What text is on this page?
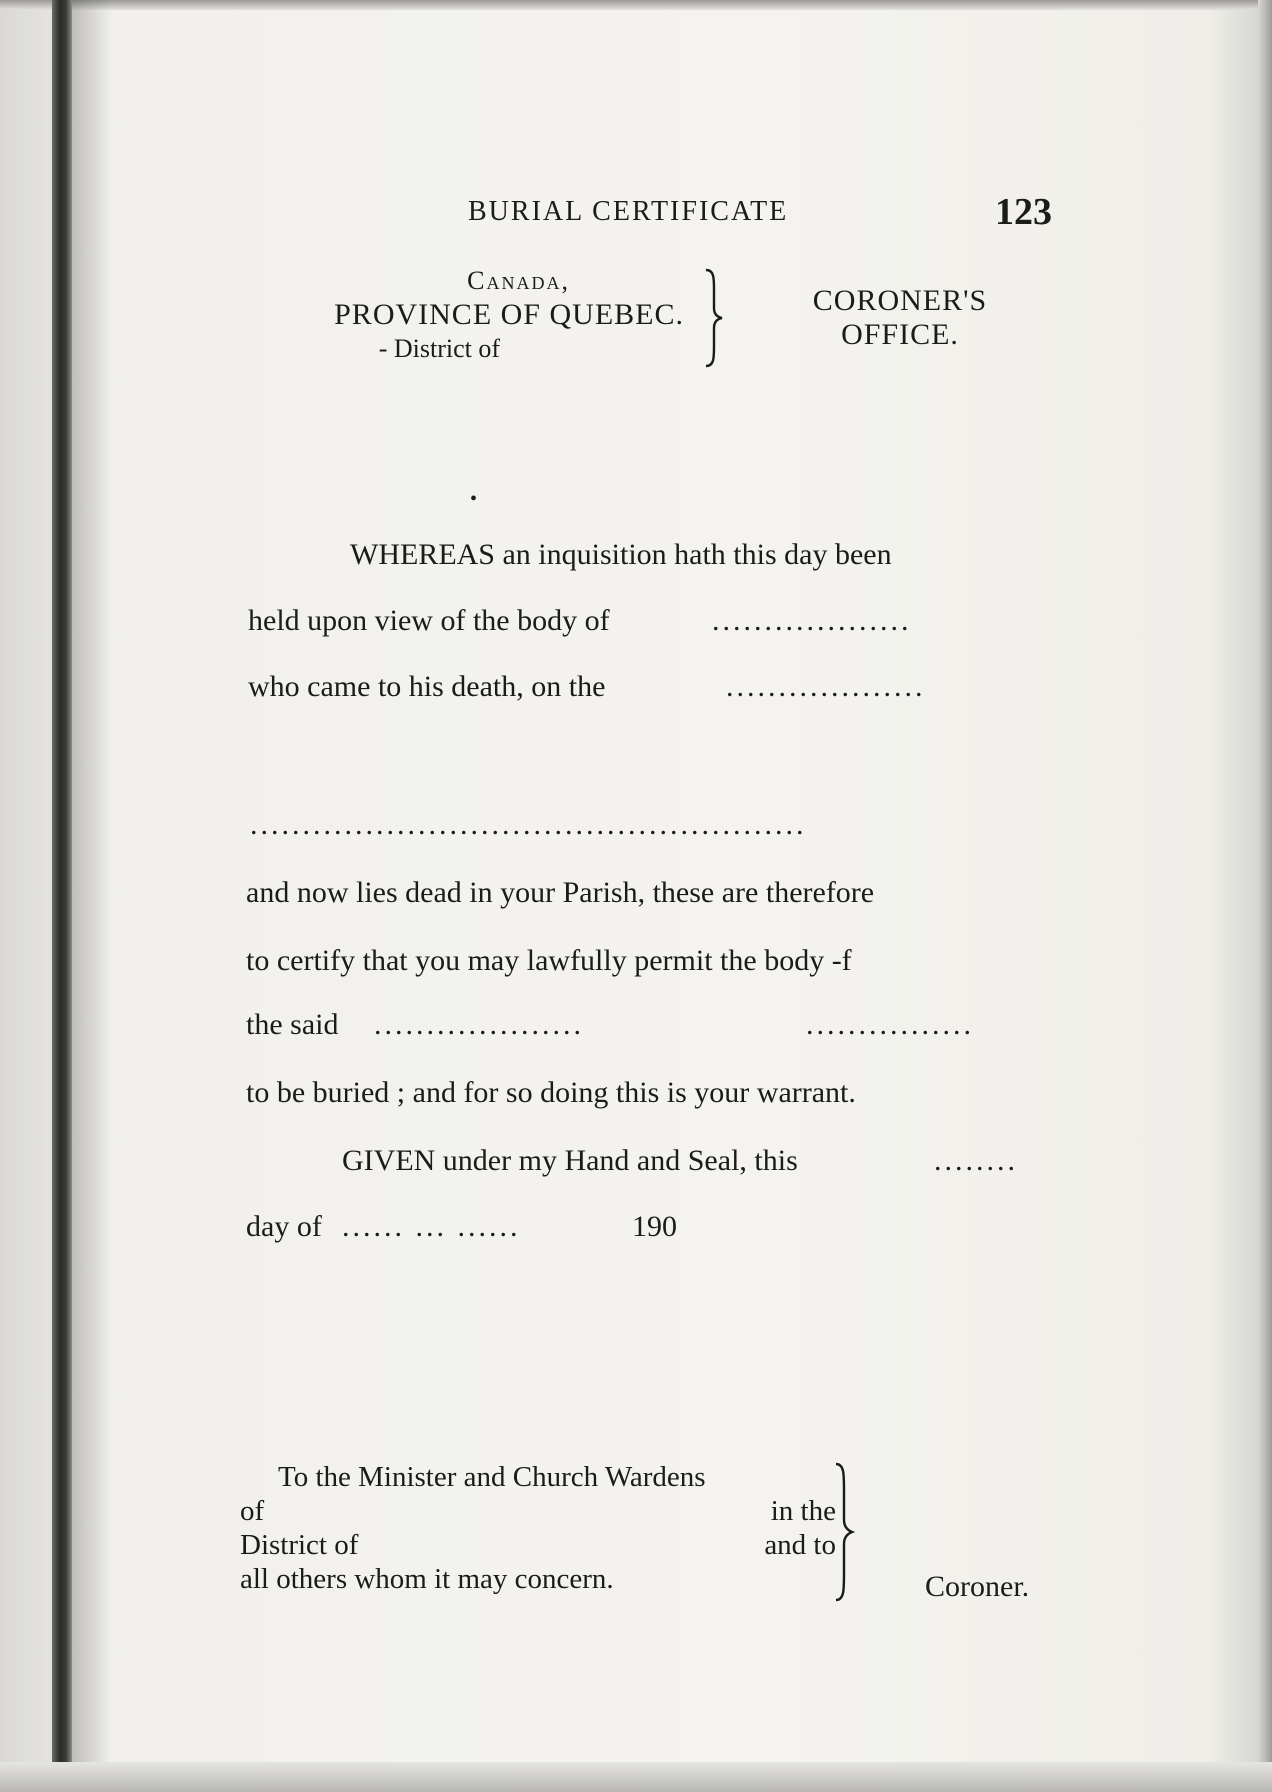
BURIAL CERTIFICATE	123
Canada,
PROVINCE OF QUEBEC.
- District of
CORONER'S
OFFICE.
•
WHEREAS an inquisition hath this day been
held upon view of the body of	...................
who came to his death, on the	...................
.....................................................
and now lies dead in your Parish, these are therefore
to certify that you may lawfully permit the body -f
the said ....................	................
to be buried ; and for so doing this is your warrant.
GIVEN under my Hand and Seal, this	........
day of ...... ... ......	190
To the Minister and Church Wardens
of	in the
District of	and to
all others whom it may concern.	Coroner.
